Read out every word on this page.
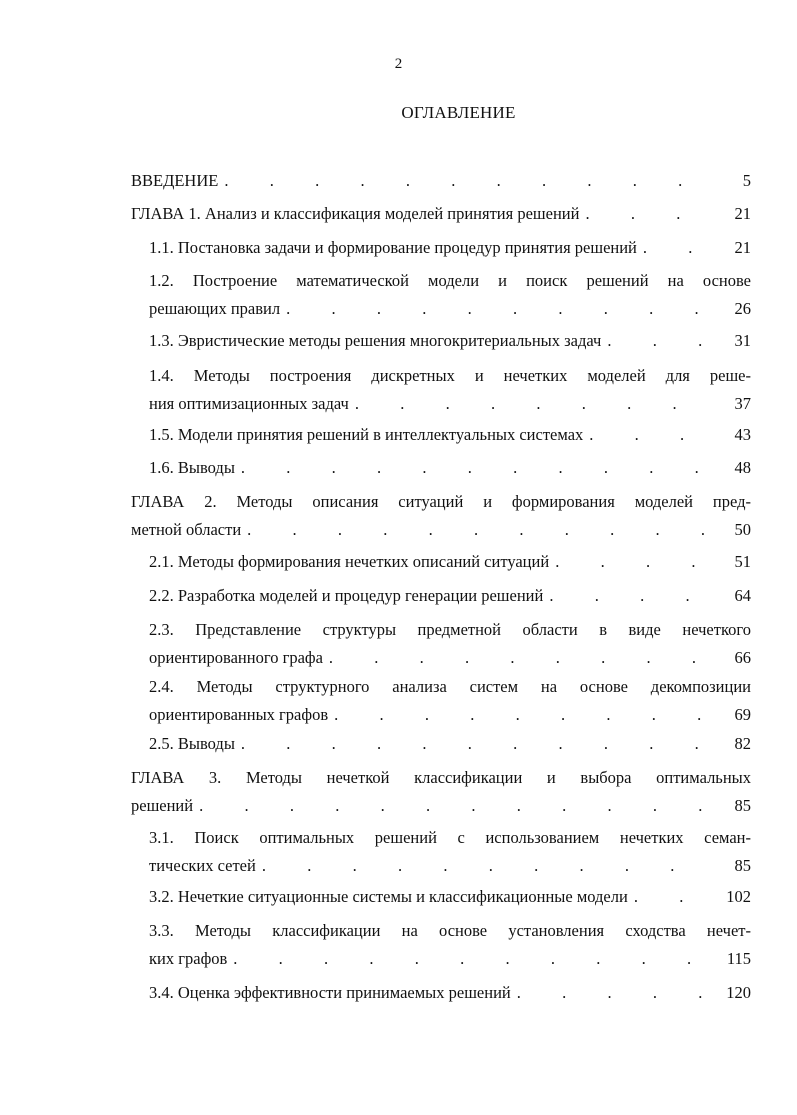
2
ОГЛАВЛЕНИЕ
ВВЕДЕНИЕ .	5
ГЛАВА 1. Анализ и классификация моделей принятия решений .	21
1.1. Постановка задачи и формирование процедур принятия решений .	21
1.2. Построение математической модели и поиск решений на основе
решающих правил .	26
1.3. Эвристические методы решения многокритериальных задач .	31
1.4. Методы построения дискретных и нечетких моделей для реше-
ния оптимизационных задач .	37
1.5. Модели принятия решений в интеллектуальных системах .	43
1.6. Выводы .	48
ГЛАВА 2. Методы описания ситуаций и формирования моделей пред-
метной области .	50
2.1. Методы формирования нечетких описаний ситуаций .	51
2.2. Разработка моделей и процедур генерации решений .	64
2.3. Представление структуры предметной области в виде нечеткого
ориентированного графа .	66
2.4. Методы структурного анализа систем на основе декомпозиции
ориентированных графов .	69
2.5. Выводы .	82
ГЛАВА 3. Методы нечеткой классификации и выбора оптимальных
решений .	85
3.1. Поиск оптимальных решений с использованием нечетких семан-
тических сетей .	85
3.2. Нечеткие ситуационные системы и классификационные модели .	102
3.3. Методы классификации на основе установления сходства нечет-
ких графов .	115
3.4. Оценка эффективности принимаемых решений .	120
